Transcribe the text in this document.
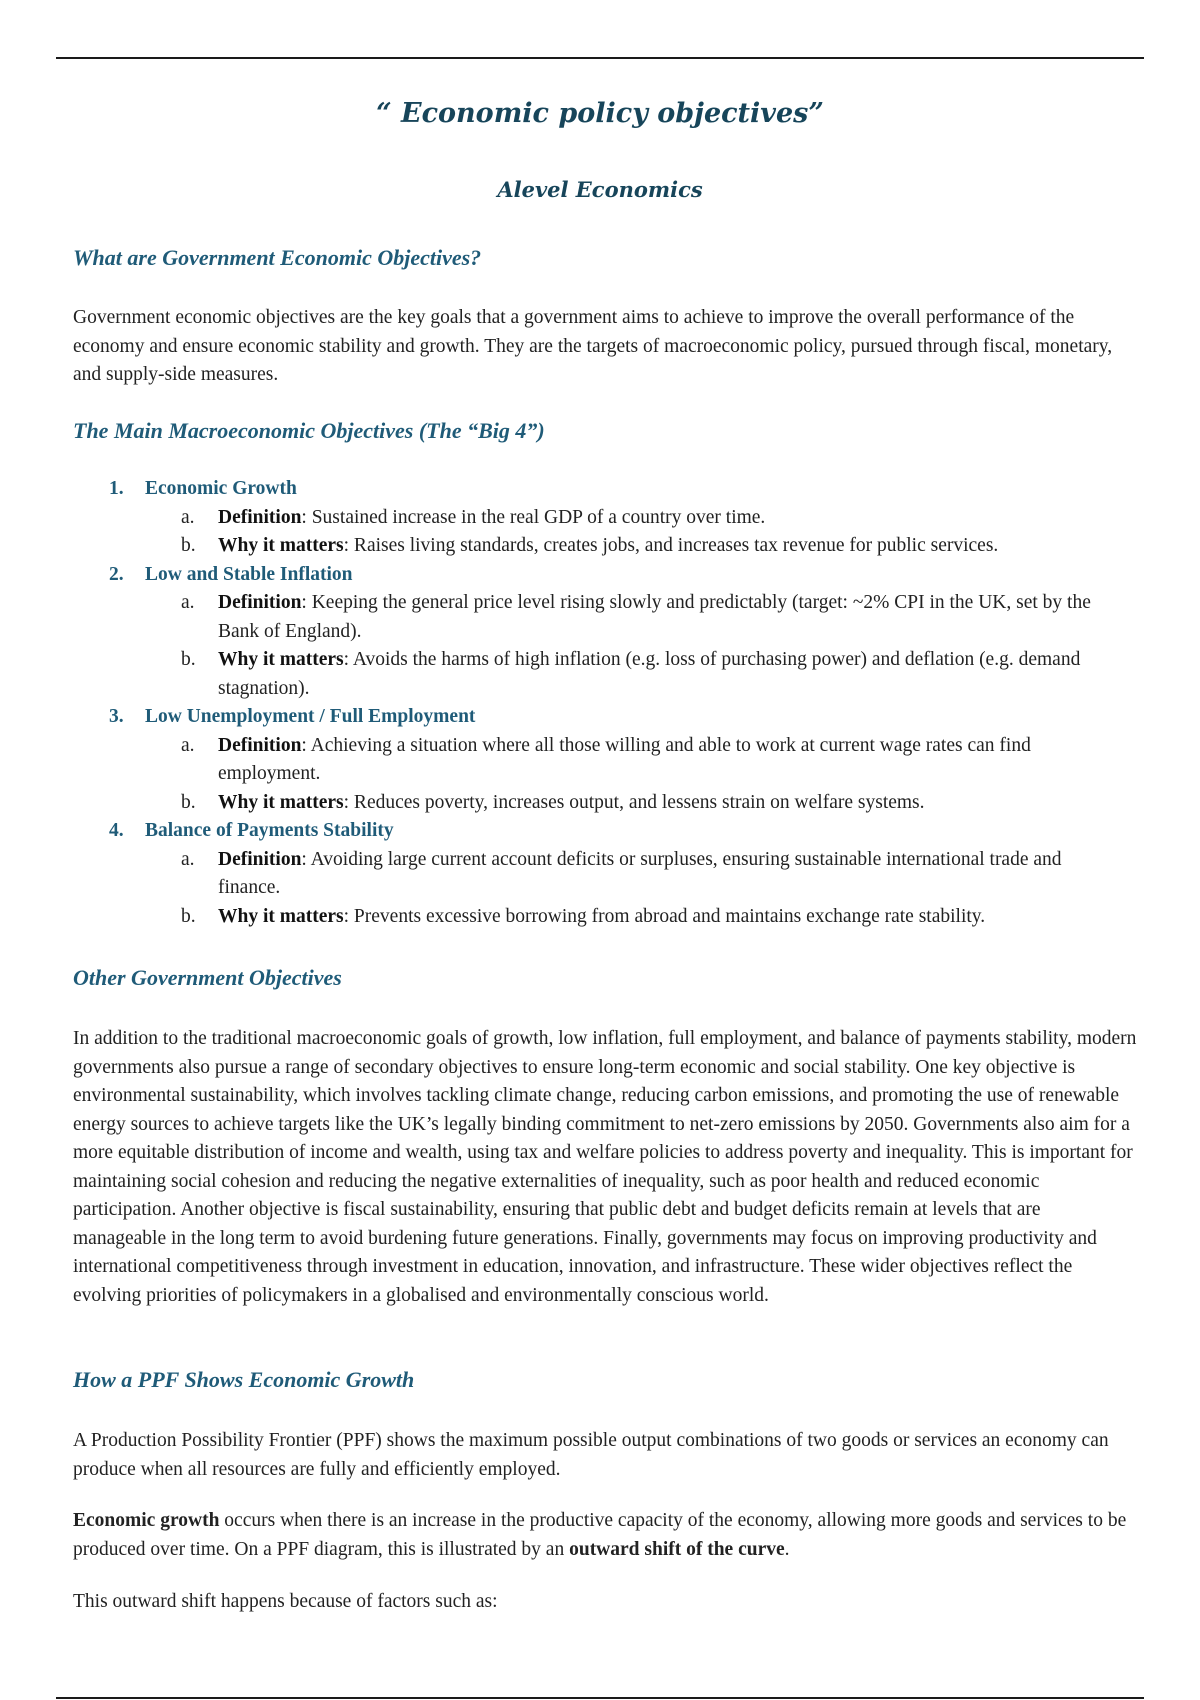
“ Economic policy objectives”
Alevel Economics
What are Government Economic Objectives?

Government economic objectives are the key goals that a government aims to achieve to improve the overall performance of the economy and ensure economic stability and growth. They are the targets of macroeconomic policy, pursued through fiscal, monetary, and supply-side measures.

The Main Macroeconomic Objectives (The “Big 4”)
1. Economic Growth
a. Definition: Sustained increase in the real GDP of a country over time.
b. Why it matters: Raises living standards, creates jobs, and increases tax revenue for public services.
2. Low and Stable Inflation
a. Definition: Keeping the general price level rising slowly and predictably (target: ~2% CPI in the UK, set by the Bank of England).
b. Why it matters: Avoids the harms of high inflation (e.g. loss of purchasing power) and deflation (e.g. demand stagnation).
3. Low Unemployment / Full Employment
a. Definition: Achieving a situation where all those willing and able to work at current wage rates can find employment.
b. Why it matters: Reduces poverty, increases output, and lessens strain on welfare systems.
4. Balance of Payments Stability
a. Definition: Avoiding large current account deficits or surpluses, ensuring sustainable international trade and finance.
b. Why it matters: Prevents excessive borrowing from abroad and maintains exchange rate stability.
Other Government Objectives

In addition to the traditional macroeconomic goals of growth, low inflation, full employment, and balance of payments stability, modern governments also pursue a range of secondary objectives to ensure long-term economic and social stability. One key objective is environmental sustainability, which involves tackling climate change, reducing carbon emissions, and promoting the use of renewable energy sources to achieve targets like the UK’s legally binding commitment to net-zero emissions by 2050. Governments also aim for a more equitable distribution of income and wealth, using tax and welfare policies to address poverty and inequality. This is important for maintaining social cohesion and reducing the negative externalities of inequality, such as poor health and reduced economic participation. Another objective is fiscal sustainability, ensuring that public debt and budget deficits remain at levels that are manageable in the long term to avoid burdening future generations. Finally, governments may focus on improving productivity and international competitiveness through investment in education, innovation, and infrastructure. These wider objectives reflect the evolving priorities of policymakers in a globalised and environmentally conscious world.

How a PPF Shows Economic Growth

A Production Possibility Frontier (PPF) shows the maximum possible output combinations of two goods or services an economy can produce when all resources are fully and efficiently employed.

Economic growth occurs when there is an increase in the productive capacity of the economy, allowing more goods and services to be produced over time. On a PPF diagram, this is illustrated by an outward shift of the curve.

This outward shift happens because of factors such as:
